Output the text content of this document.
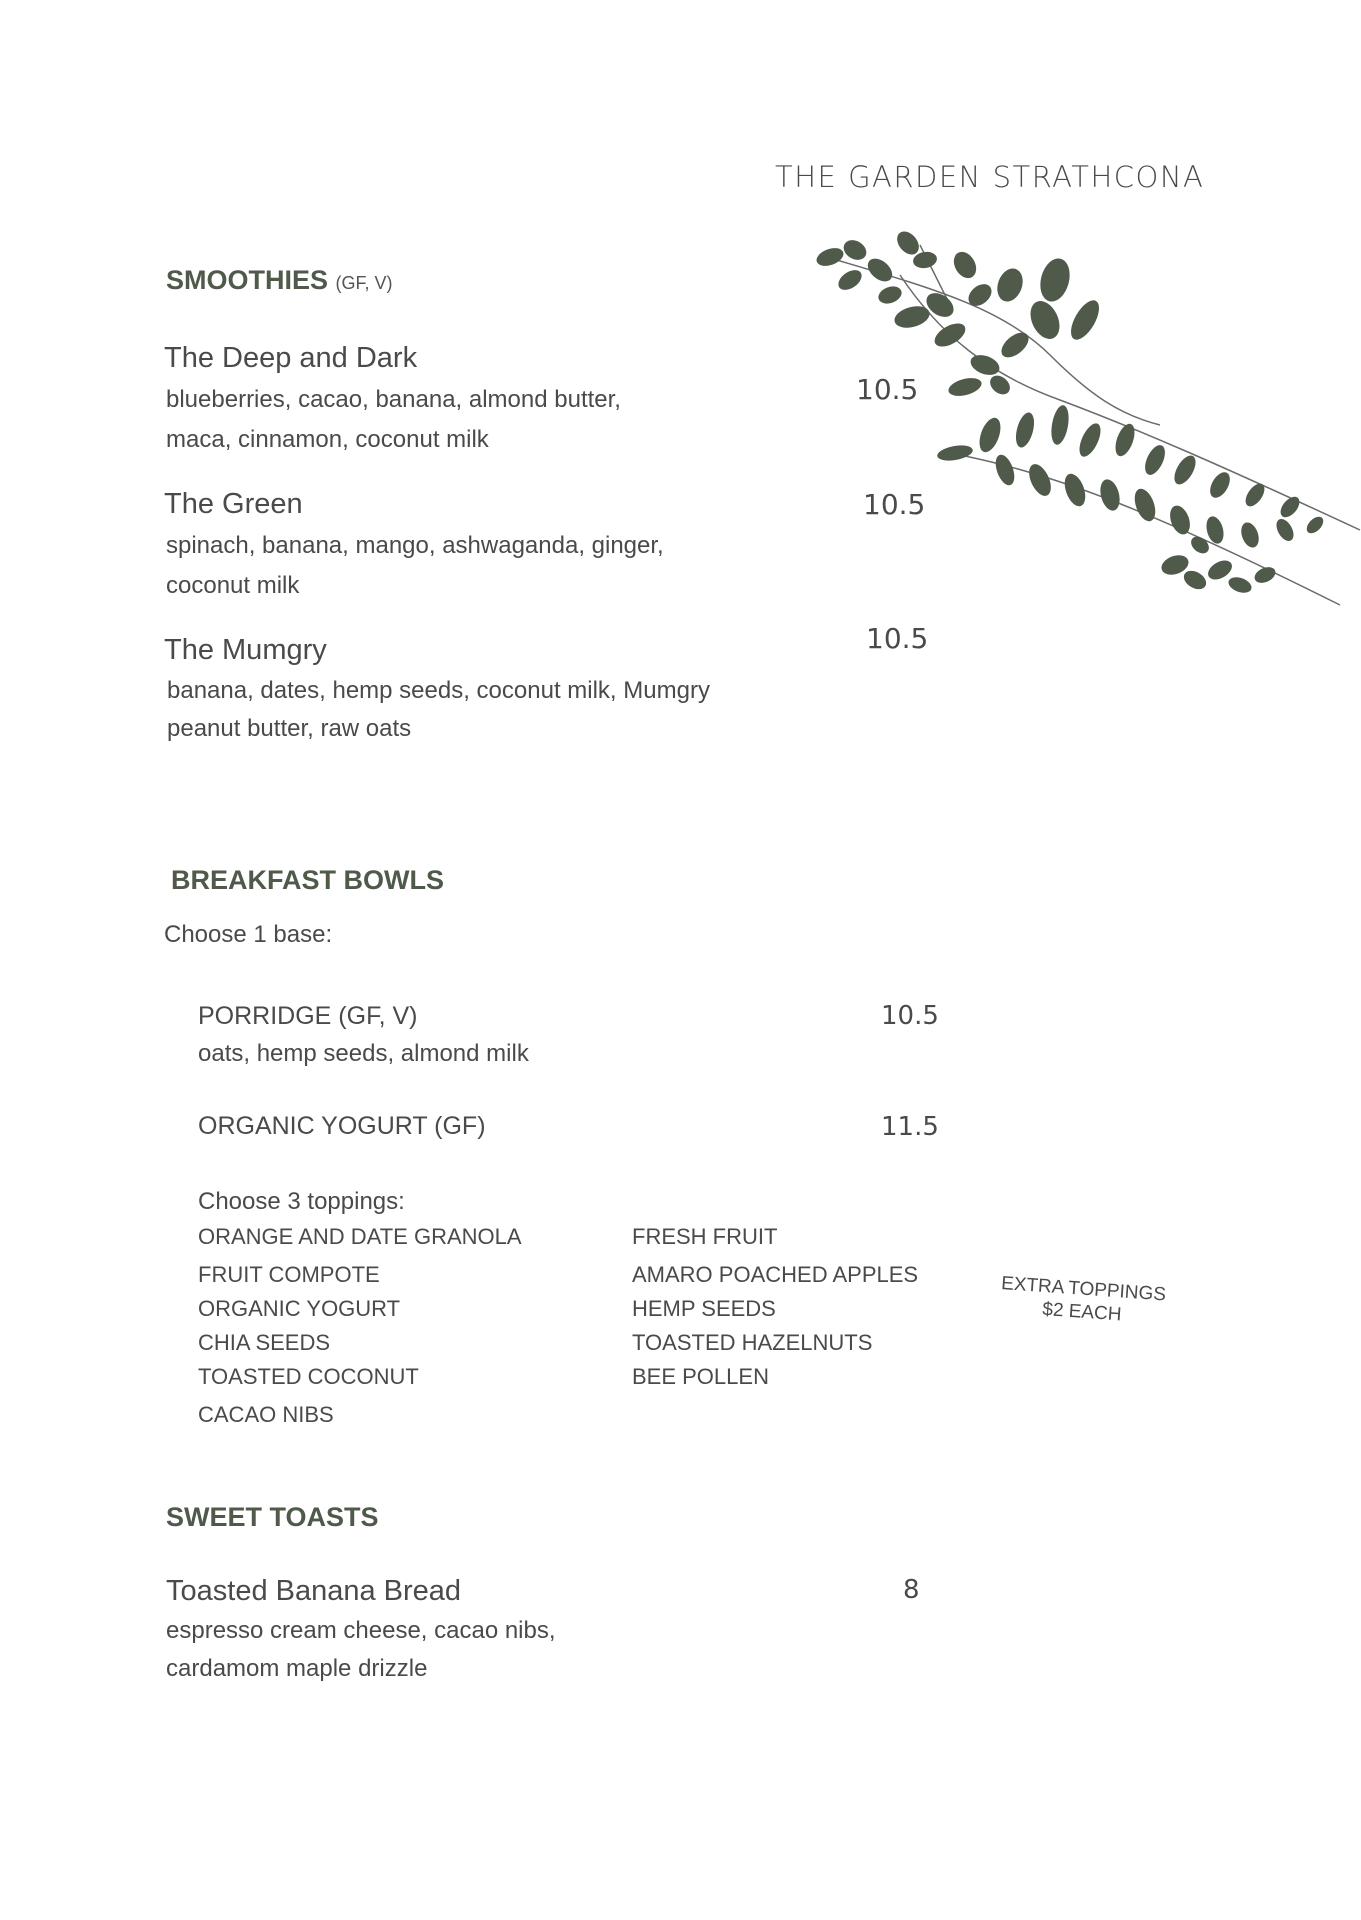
THE GARDEN STRATHCONA
SMOOTHIES (GF, V)
The Deep and Dark
blueberries, cacao, banana, almond butter,
maca, cinnamon, coconut milk
10.5
The Green
spinach, banana, mango, ashwaganda, ginger,
coconut milk
10.5
The Mumgry
banana, dates, hemp seeds, coconut milk, Mumgry
peanut butter, raw oats
10.5
BREAKFAST BOWLS
Choose 1 base:
PORRIDGE (GF, V)
oats, hemp seeds, almond milk
10.5
ORGANIC YOGURT (GF)	11.5
Choose 3 toppings:
ORANGE AND DATE GRANOLA
FRUIT COMPOTE
ORGANIC YOGURT
CHIA SEEDS
TOASTED COCONUT
CACAO NIBS
FRESH FRUIT
AMARO POACHED APPLES
HEMP SEEDS
TOASTED HAZELNUTS
BEE POLLEN
EXTRA TOPPINGS
$2 EACH
SWEET TOASTS
Toasted Banana Bread
espresso cream cheese, cacao nibs,
cardamom maple drizzle
8
